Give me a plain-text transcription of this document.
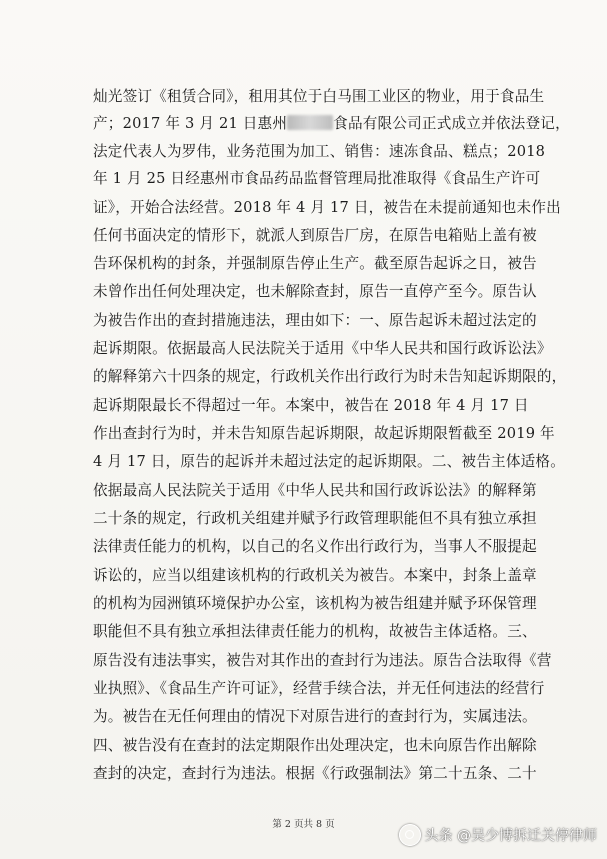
灿光签订《租赁合同》，租用其位于白马围工业区的物业，用于食品生
产；2017 年 3 月 21 日惠州	食品有限公司正式成立并依法登记，
法定代表人为罗伟，业务范围为加工、销售：速冻食品、糕点；2018
年 1 月 25 日经惠州市食品药品监督管理局批准取得《食品生产许可
证》，开始合法经营。2018 年 4 月 17 日，被告在未提前通知也未作出
任何书面决定的情形下，就派人到原告厂房，在原告电箱贴上盖有被
告环保机构的封条，并强制原告停止生产。截至原告起诉之日，被告
未曾作出任何处理决定，也未解除查封，原告一直停产至今。原告认
为被告作出的查封措施违法，理由如下：一、原告起诉未超过法定的
起诉期限。依据最高人民法院关于适用《中华人民共和国行政诉讼法》
的解释第六十四条的规定，行政机关作出行政行为时未告知起诉期限的，
起诉期限最长不得超过一年。本案中，被告在 2018 年 4 月 17 日
作出查封行为时，并未告知原告起诉期限，故起诉期限暂截至 2019 年
4 月 17 日，原告的起诉并未超过法定的起诉期限。二、被告主体适格。
依据最高人民法院关于适用《中华人民共和国行政诉讼法》的解释第
二十条的规定，行政机关组建并赋予行政管理职能但不具有独立承担
法律责任能力的机构，以自己的名义作出行政行为，当事人不服提起
诉讼的，应当以组建该机构的行政机关为被告。本案中，封条上盖章
的机构为园洲镇环境保护办公室，该机构为被告组建并赋予环保管理
职能但不具有独立承担法律责任能力的机构，故被告主体适格。三、
原告没有违法事实，被告对其作出的查封行为违法。原告合法取得《营
业执照》、《食品生产许可证》，经营手续合法，并无任何违法的经营行
为。被告在无任何理由的情况下对原告进行的查封行为，实属违法。
四、被告没有在查封的法定期限作出处理决定，也未向原告作出解除
查封的决定，查封行为违法。根据《行政强制法》第二十五条、二十
第 2 页共 8 页
头条 @吴少博拆迁关停律师
